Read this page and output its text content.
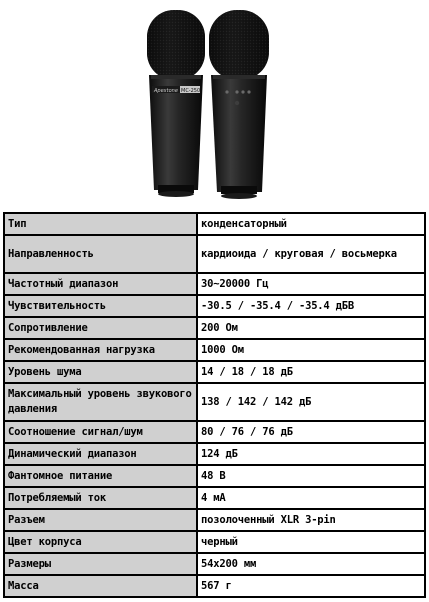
Apextone MC-250
Тип	конденсаторный
Направленность	кардиоида / круговая / восьмерка
Частотный диапазон	30~20000 Гц
Чувствительность	-30.5 / -35.4 / -35.4 дБВ
Сопротивление	200 Ом
Рекомендованная нагрузка	1000 Ом
Уровень шума	14 / 18 / 18 дБ
Максимальный уровень звукового давления	138 / 142 / 142 дБ
Соотношение сигнал/шум	80 / 76 / 76 дБ
Динамический диапазон	124 дБ
Фантомное питание	48 В
Потребляемый ток	4 мА
Разъем	позолоченный XLR 3-pin
Цвет корпуса	черный
Размеры	54x200 мм
Масса	567 г
